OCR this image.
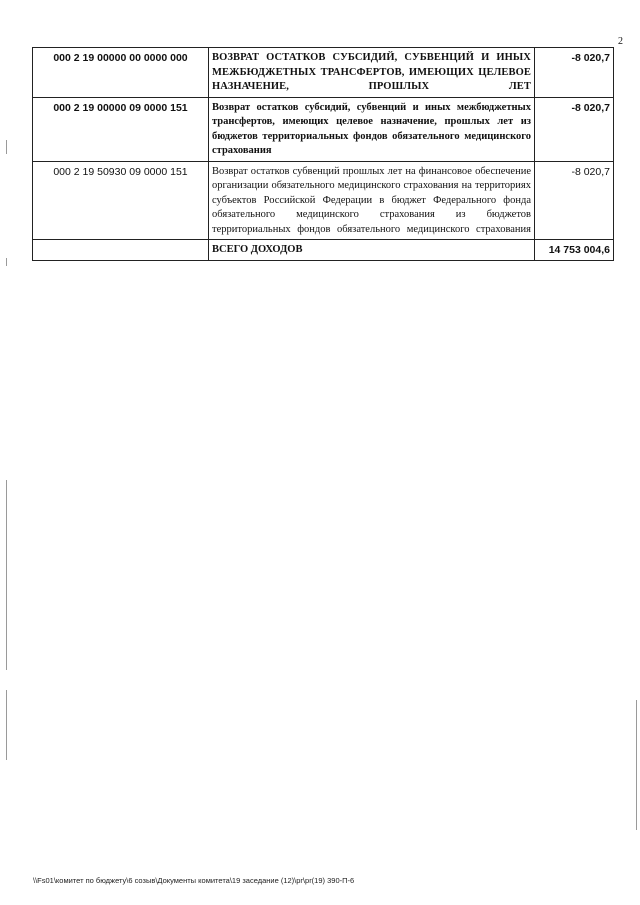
2
000 2 19 00000 00 0000 000	ВОЗВРАТ ОСТАТКОВ СУБСИДИЙ, СУБВЕНЦИЙ И ИНЫХ МЕЖБЮДЖЕТНЫХ ТРАНСФЕРТОВ, ИМЕЮЩИХ ЦЕЛЕВОЕ НАЗНАЧЕНИЕ, ПРОШЛЫХ ЛЕТ	-8 020,7
000 2 19 00000 09 0000 151	Возврат остатков субсидий, субвенций и иных межбюджетных трансфертов, имеющих целевое назначение, прошлых лет из бюджетов территориальных фондов обязательного медицинского страхования	-8 020,7
000 2 19 50930 09 0000 151	Возврат остатков субвенций прошлых лет на финансовое обеспечение организации обязательного медицинского страхования на территориях субъектов Российской Федерации в бюджет Федерального фонда обязательного медицинского страхования из бюджетов территориальных фондов обязательного медицинского страхования	-8 020,7
	ВСЕГО ДОХОДОВ	14 753 004,6
\\Fs01\комитет по бюджету\6 созыв\Документы комитета\19 заседание (12)\pr\pr(19) 390-П-6
